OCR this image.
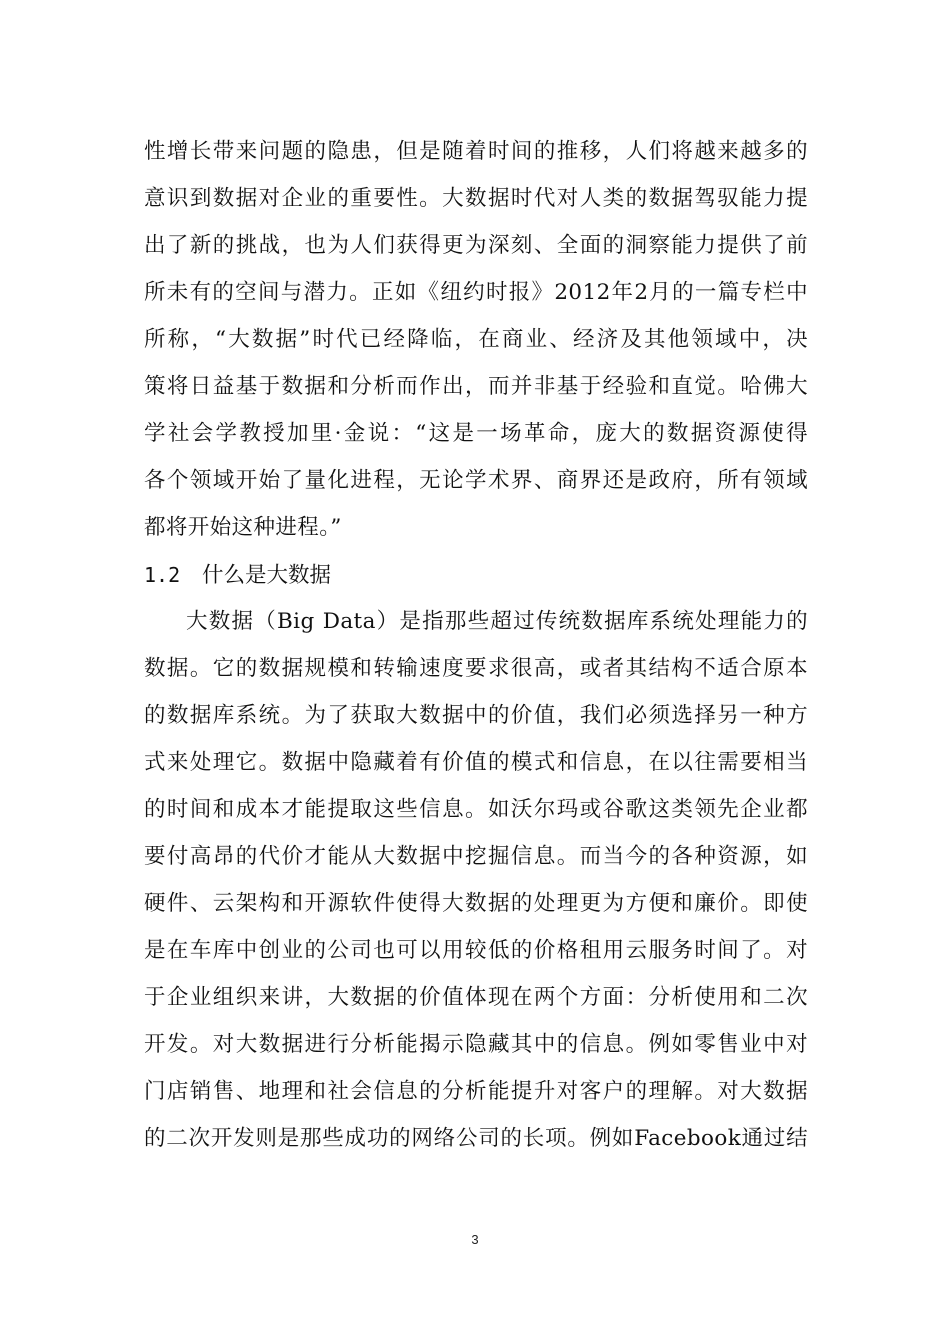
性增长带来问题的隐患，但是随着时间的推移，人们将越来越多的
意识到数据对企业的重要性。大数据时代对人类的数据驾驭能力提
出了新的挑战，也为人们获得更为深刻、全面的洞察能力提供了前
所未有的空间与潜力。正如《纽约时报》2012年2月的一篇专栏中
所称，“大数据”时代已经降临，在商业、经济及其他领域中，决
策将日益基于数据和分析而作出，而并非基于经验和直觉。哈佛大
学社会学教授加里·金说：“这是一场革命，庞大的数据资源使得
各个领域开始了量化进程，无论学术界、商界还是政府，所有领域
都将开始这种进程。”
1.2 什么是大数据
大数据（Big Data）是指那些超过传统数据库系统处理能力的
数据。它的数据规模和转输速度要求很高，或者其结构不适合原本
的数据库系统。为了获取大数据中的价值，我们必须选择另一种方
式来处理它。数据中隐藏着有价值的模式和信息，在以往需要相当
的时间和成本才能提取这些信息。如沃尔玛或谷歌这类领先企业都
要付高昂的代价才能从大数据中挖掘信息。而当今的各种资源，如
硬件、云架构和开源软件使得大数据的处理更为方便和廉价。即使
是在车库中创业的公司也可以用较低的价格租用云服务时间了。对
于企业组织来讲，大数据的价值体现在两个方面：分析使用和二次
开发。对大数据进行分析能揭示隐藏其中的信息。例如零售业中对
门店销售、地理和社会信息的分析能提升对客户的理解。对大数据
的二次开发则是那些成功的网络公司的长项。例如Facebook通过结
3
